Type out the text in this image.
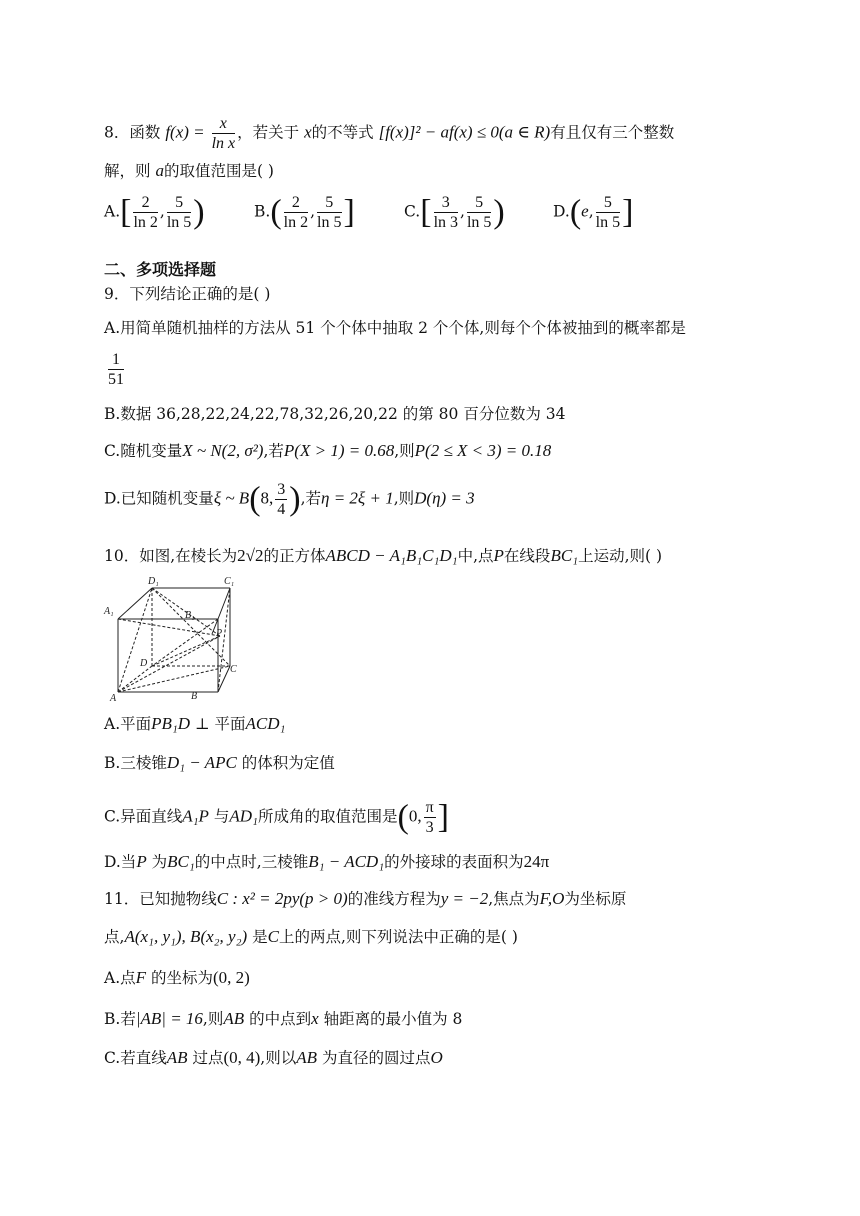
8．函数 $f(x) = \frac{x}{\text{ln x}}$ ，若关于 x的不等式 [f(x)]² − af(x) ≤ 0(a ∈ R)有且仅有三个整数
解，则 a的取值范围是( )
$A.[ \frac{2}{\ln 2}$ , $\frac{5}{\ln 5}$ )	$B.( \frac{2}{\ln 2}$ , $\frac{5}{\ln 5}$ ]	$C.[ \frac{3}{\ln 3}$ , $\frac{5}{\ln 5}$ )	D.(e, $\frac{5}{\ln 5}$ ]
二、多项选择题
9．下列结论正确的是( )
A.用简单随机抽样的方法从 51 个个体中抽取 2 个个体,则每个个体被抽到的概率都是
$\frac{1}{51}$
B.数据 36,28,22,24,22,78,32,26,20,22 的第 80 百分位数为 34
C.随机变量X ~ N(2, σ²),若P(X > 1) = 0.68,则P(2 ≤ X < 3) = 0.18
D.已知随机变量ξ ~ B(8, $\frac{3}{4}$ ),若η = 2ξ + 1,则D(η) = 3
10．如图,在棱长为2√2的正方体ABCD − A₁B₁C₁D₁中,点P在线段BC₁上运动,则( )
D₁	C₁
A₁	B₁
P
D
C
A	B
A.平面PB₁D ⊥ 平面ACD₁
B.三棱锥D₁ − APC 的体积为定值
C.异面直线A₁P 与AD₁所成角的取值范围是(0, $\frac{\pi}{3}$ ]
D.当P 为BC₁的中点时,三棱锥B₁ − ACD₁的外接球的表面积为24π
11．已知抛物线C : x² = 2py(p > 0)的准线方程为y = −2,焦点为F,O为坐标原
点,A(x₁, y₁), B(x₂, y₂) 是C上的两点,则下列说法中正确的是( )
A.点F 的坐标为(0, 2)
B.若|AB| = 16,则AB 的中点到x 轴距离的最小值为 8
C.若直线AB 过点(0, 4),则以AB 为直径的圆过点O
